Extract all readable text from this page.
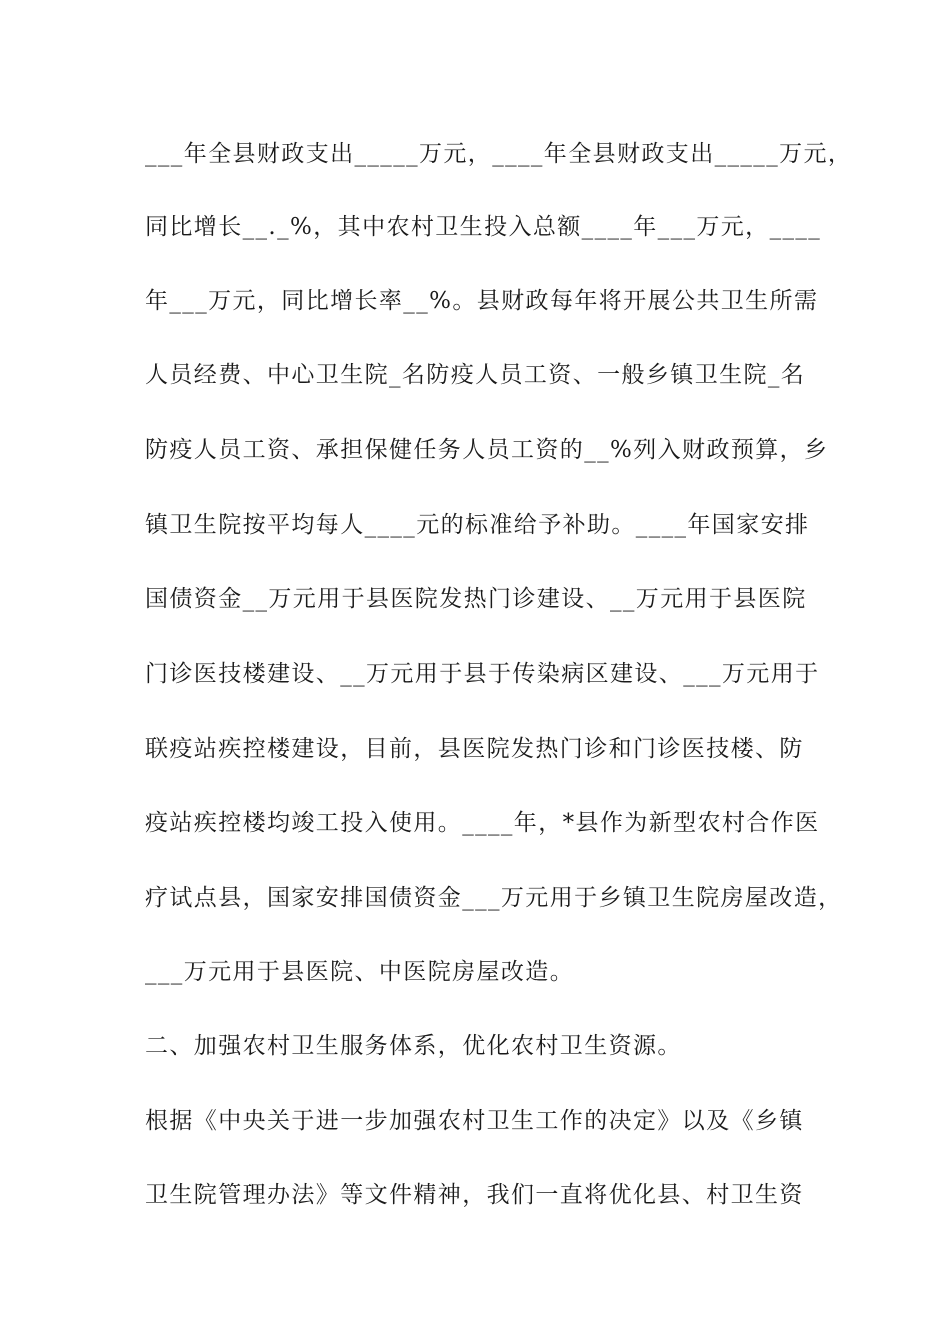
___年全县财政支出_____万元，____年全县财政支出_____万元，
同比增长__._%，其中农村卫生投入总额____年___万元，____
年___万元，同比增长率__%。县财政每年将开展公共卫生所需
人员经费、中心卫生院_名防疫人员工资、一般乡镇卫生院_名
防疫人员工资、承担保健任务人员工资的__%列入财政预算，乡
镇卫生院按平均每人____元的标准给予补助。____年国家安排
国债资金__万元用于县医院发热门诊建设、__万元用于县医院
门诊医技楼建设、__万元用于县于传染病区建设、___万元用于
联疫站疾控楼建设，目前，县医院发热门诊和门诊医技楼、防
疫站疾控楼均竣工投入使用。____年，*县作为新型农村合作医
疗试点县，国家安排国债资金___万元用于乡镇卫生院房屋改造，
___万元用于县医院、中医院房屋改造。
二、加强农村卫生服务体系，优化农村卫生资源。
根据《中央关于进一步加强农村卫生工作的决定》以及《乡镇
卫生院管理办法》等文件精神，我们一直将优化县、村卫生资
